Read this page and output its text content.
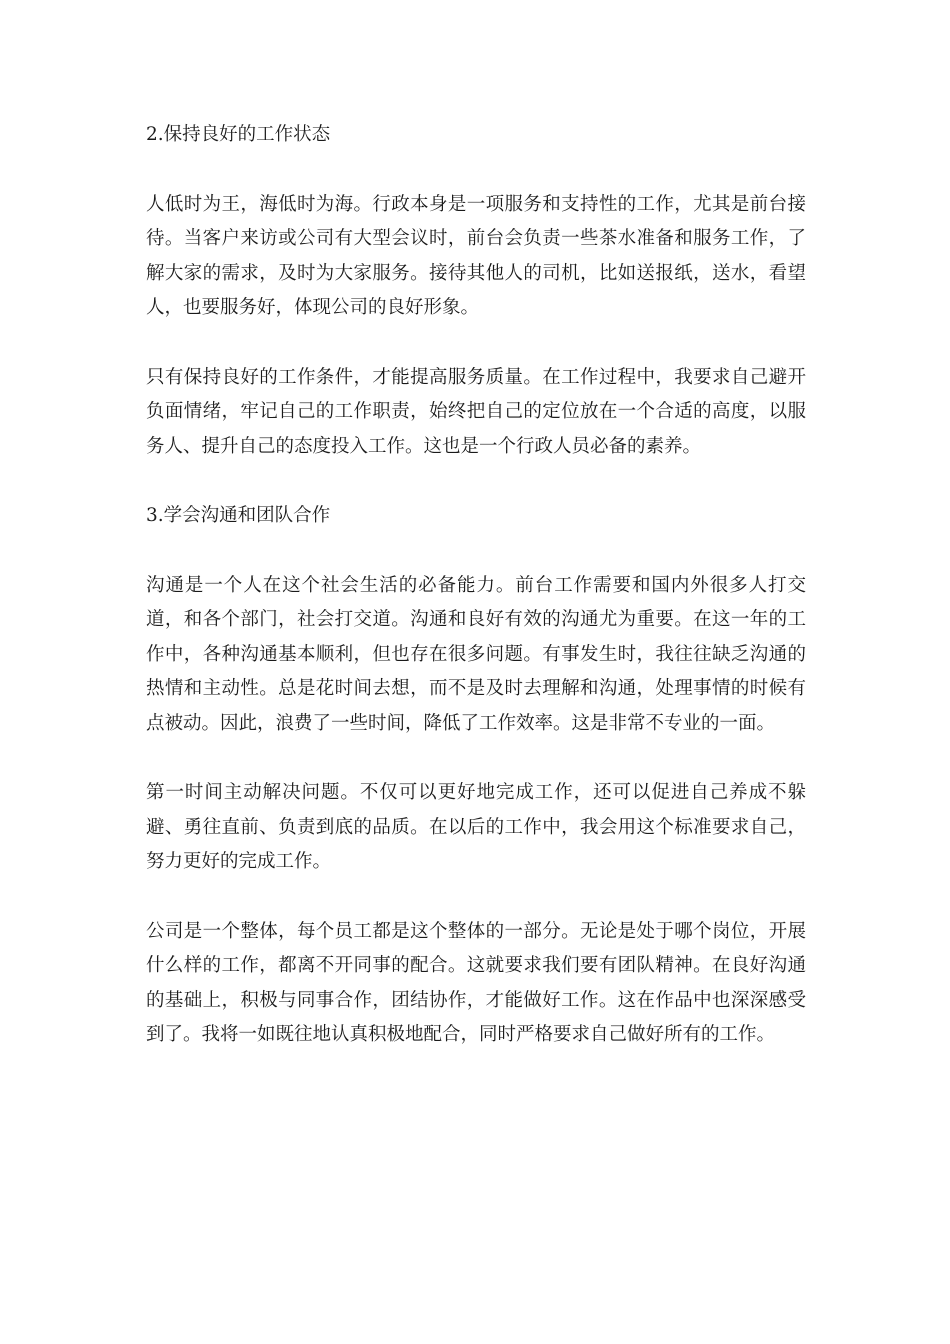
2.保持良好的工作状态

人低时为王，海低时为海。行政本身是一项服务和支持性的工作，尤其是前台接待。当客户来访或公司有大型会议时，前台会负责一些茶水准备和服务工作，了解大家的需求，及时为大家服务。接待其他人的司机，比如送报纸，送水，看望人，也要服务好，体现公司的良好形象。

只有保持良好的工作条件，才能提高服务质量。在工作过程中，我要求自己避开负面情绪，牢记自己的工作职责，始终把自己的定位放在一个合适的高度，以服务人、提升自己的态度投入工作。这也是一个行政人员必备的素养。

3.学会沟通和团队合作

沟通是一个人在这个社会生活的必备能力。前台工作需要和国内外很多人打交道，和各个部门，社会打交道。沟通和良好有效的沟通尤为重要。在这一年的工作中，各种沟通基本顺利，但也存在很多问题。有事发生时，我往往缺乏沟通的热情和主动性。总是花时间去想，而不是及时去理解和沟通，处理事情的时候有点被动。因此，浪费了一些时间，降低了工作效率。这是非常不专业的一面。

第一时间主动解决问题。不仅可以更好地完成工作，还可以促进自己养成不躲避、勇往直前、负责到底的品质。在以后的工作中，我会用这个标准要求自己，努力更好的完成工作。

公司是一个整体，每个员工都是这个整体的一部分。无论是处于哪个岗位，开展什么样的工作，都离不开同事的配合。这就要求我们要有团队精神。在良好沟通的基础上，积极与同事合作，团结协作，才能做好工作。这在作品中也深深感受到了。我将一如既往地认真积极地配合，同时严格要求自己做好所有的工作。
